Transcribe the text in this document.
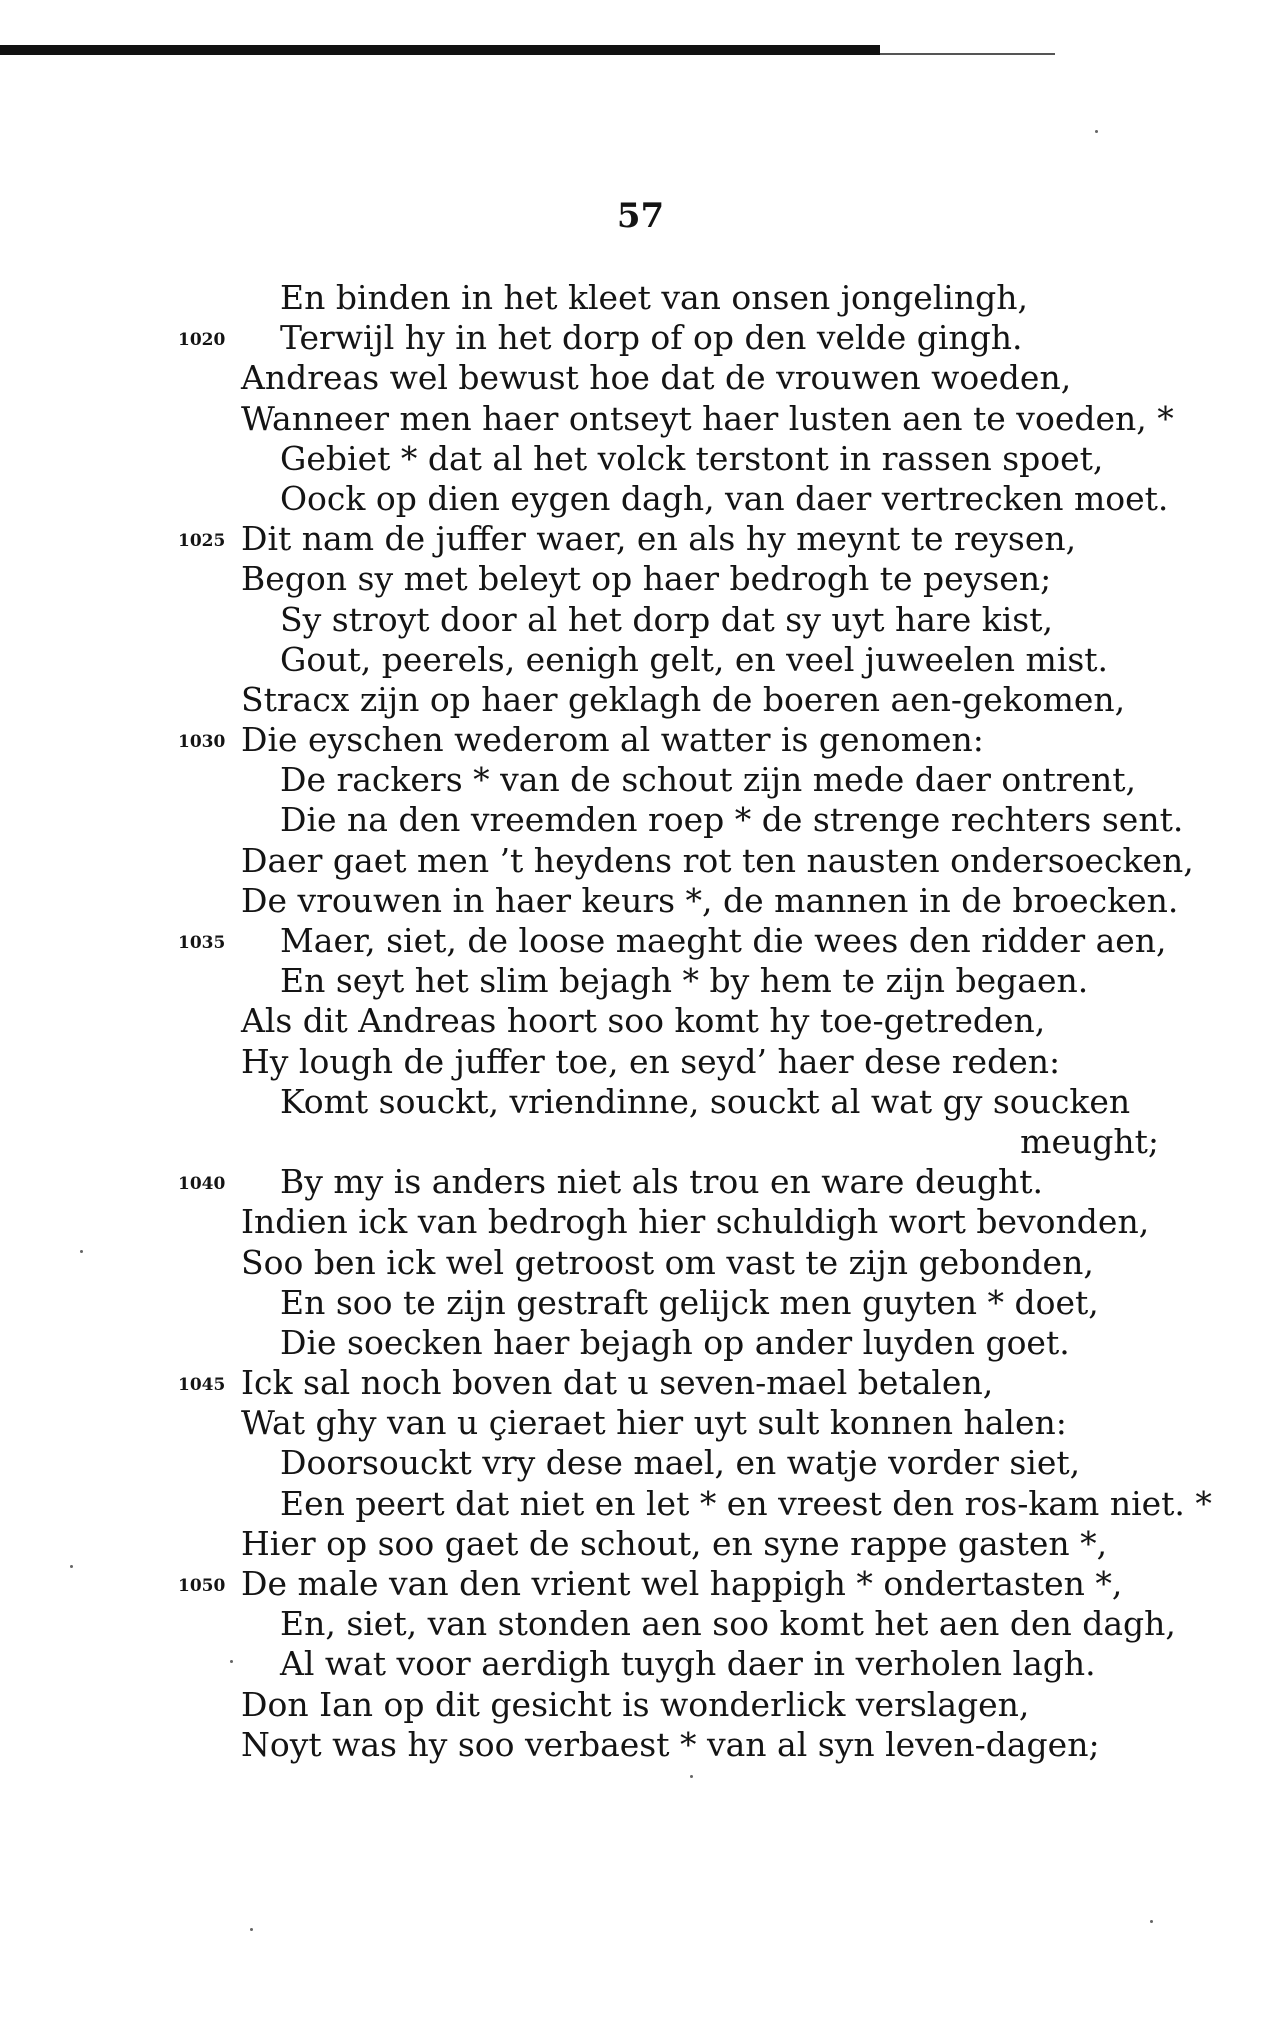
57
En binden in het kleet van onsen jongelingh,
1020 Terwijl hy in het dorp of op den velde gingh.
Andreas wel bewust hoe dat de vrouwen woeden,
Wanneer men haer ontseyt haer lusten aen te voeden, *
Gebiet * dat al het volck terstont in rassen spoet,
Oock op dien eygen dagh, van daer vertrecken moet.
1025 Dit nam de juffer waer, en als hy meynt te reysen,
Begon sy met beleyt op haer bedrogh te peysen;
Sy stroyt door al het dorp dat sy uyt hare kist,
Gout, peerels, eenigh gelt, en veel juweelen mist.
Stracx zijn op haer geklagh de boeren aen-gekomen,
1030 Die eyschen wederom al watter is genomen:
De rackers * van de schout zijn mede daer ontrent,
Die na den vreemden roep * de strenge rechters sent.
Daer gaet men ’t heydens rot ten nausten ondersoecken,
De vrouwen in haer keurs *, de mannen in de broecken.
1035 Maer, siet, de loose maeght die wees den ridder aen,
En seyt het slim bejagh * by hem te zijn begaen.
Als dit Andreas hoort soo komt hy toe-getreden,
Hy lough de juffer toe, en seyd’ haer dese reden:
Komt souckt, vriendinne, souckt al wat gy soucken
meught;
1040 By my is anders niet als trou en ware deught.
Indien ick van bedrogh hier schuldigh wort bevonden,
Soo ben ick wel getroost om vast te zijn gebonden,
En soo te zijn gestraft gelijck men guyten * doet,
Die soecken haer bejagh op ander luyden goet.
1045 Ick sal noch boven dat u seven-mael betalen,
Wat ghy van u çieraet hier uyt sult konnen halen:
Doorsouckt vry dese mael, en watje vorder siet,
Een peert dat niet en let * en vreest den ros-kam niet. *
Hier op soo gaet de schout, en syne rappe gasten *,
1050 De male van den vrient wel happigh * ondertasten *,
En, siet, van stonden aen soo komt het aen den dagh,
Al wat voor aerdigh tuygh daer in verholen lagh.
Don Ian op dit gesicht is wonderlick verslagen,
Noyt was hy soo verbaest * van al syn leven-dagen;
